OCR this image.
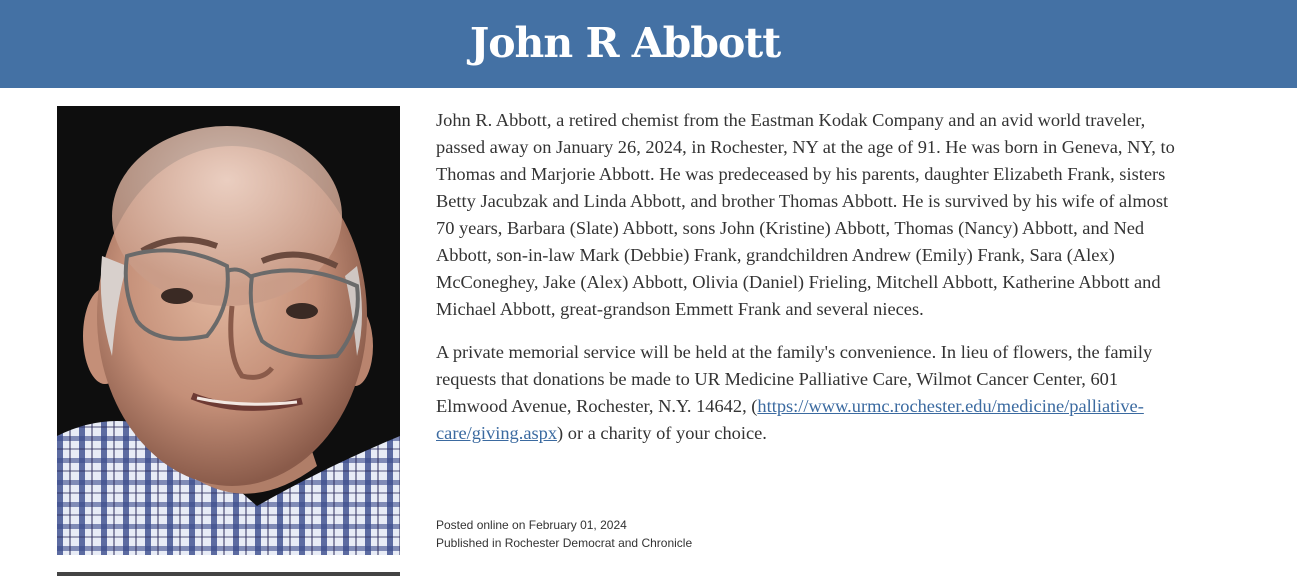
John R Abbott

John R. Abbott, a retired chemist from the Eastman Kodak Company and an avid world traveler, passed away on January 26, 2024, in Rochester, NY at the age of 91. He was born in Geneva, NY, to Thomas and Marjorie Abbott. He was predeceased by his parents, daughter Elizabeth Frank, sisters Betty Jacubzak and Linda Abbott, and brother Thomas Abbott. He is survived by his wife of almost 70 years, Barbara (Slate) Abbott, sons John (Kristine) Abbott, Thomas (Nancy) Abbott, and Ned Abbott, son-in-law Mark (Debbie) Frank, grandchildren Andrew (Emily) Frank, Sara (Alex) McConeghey, Jake (Alex) Abbott, Olivia (Daniel) Frieling, Mitchell Abbott, Katherine Abbott and Michael Abbott, great-grandson Emmett Frank and several nieces.

A private memorial service will be held at the family's convenience. In lieu of flowers, the family requests that donations be made to UR Medicine Palliative Care, Wilmot Cancer Center, 601 Elmwood Avenue, Rochester, N.Y. 14642, (https://www.urmc.rochester.edu/medicine/palliative-care/giving.aspx) or a charity of your choice.

Posted online on February 01, 2024
Published in Rochester Democrat and Chronicle
